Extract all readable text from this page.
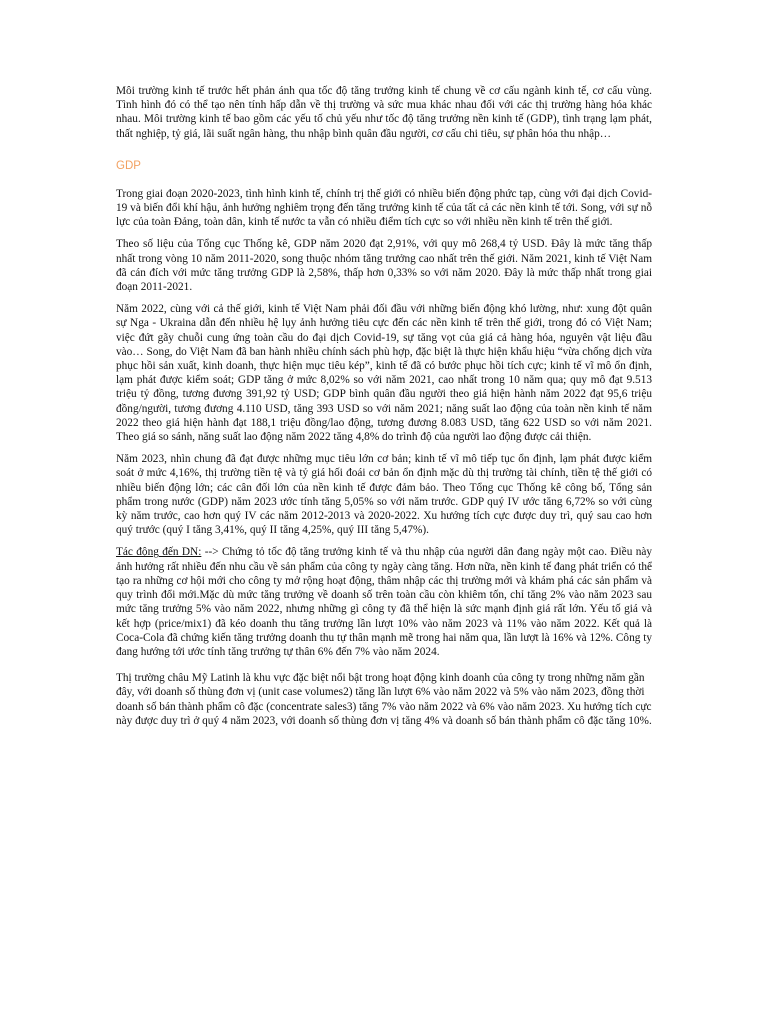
Môi trường kinh tế trước hết phản ánh qua tốc độ tăng trưởng kinh tế chung về cơ cấu ngành kinh tế, cơ cấu vùng. Tình hình đó có thể tạo nên tính hấp dẫn về thị trường và sức mua khác nhau đối với các thị trường hàng hóa khác nhau. Môi trường kinh tế bao gồm các yếu tố chủ yếu như tốc độ tăng trưởng nền kinh tế (GDP), tình trạng lạm phát, thất nghiệp, tỷ giá, lãi suất ngân hàng, thu nhập bình quân đầu người, cơ cấu chi tiêu, sự phân hóa thu nhập…

GDP

Trong giai đoạn 2020-2023, tình hình kinh tế, chính trị thế giới có nhiều biến động phức tạp, cùng với đại dịch Covid-19 và biến đổi khí hậu, ảnh hưởng nghiêm trọng đến tăng trưởng kinh tế của tất cả các nền kinh tế tới. Song, với sự nỗ lực của toàn Đảng, toàn dân, kinh tế nước ta vẫn có nhiều điểm tích cực so với nhiều nền kinh tế trên thế giới.

Theo số liệu của Tổng cục Thống kê, GDP năm 2020 đạt 2,91%, với quy mô 268,4 tỷ USD. Đây là mức tăng thấp nhất trong vòng 10 năm 2011-2020, song thuộc nhóm tăng trưởng cao nhất trên thế giới. Năm 2021, kinh tế Việt Nam đã cán đích với mức tăng trưởng GDP là 2,58%, thấp hơn 0,33% so với năm 2020. Đây là mức thấp nhất trong giai đoạn 2011-2021.

Năm 2022, cùng với cả thế giới, kinh tế Việt Nam phải đối đầu với những biến động khó lường, như: xung đột quân sự Nga - Ukraina dẫn đến nhiều hệ lụy ảnh hưởng tiêu cực đến các nền kinh tế trên thế giới, trong đó có Việt Nam; việc đứt gãy chuỗi cung ứng toàn cầu do đại dịch Covid-19, sự tăng vọt của giá cả hàng hóa, nguyên vật liệu đầu vào… Song, do Việt Nam đã ban hành nhiều chính sách phù hợp, đặc biệt là thực hiện khẩu hiệu “vừa chống dịch vừa phục hồi sản xuất, kinh doanh, thực hiện mục tiêu kép”, kinh tế đã có bước phục hồi tích cực; kinh tế vĩ mô ổn định, lạm phát được kiểm soát; GDP tăng ở mức 8,02% so với năm 2021, cao nhất trong 10 năm qua; quy mô đạt 9.513 triệu tỷ đồng, tương đương 391,92 tỷ USD; GDP bình quân đầu người theo giá hiện hành năm 2022 đạt 95,6 triệu đồng/người, tương đương 4.110 USD, tăng 393 USD so với năm 2021; năng suất lao động của toàn nền kinh tế năm 2022 theo giá hiện hành đạt 188,1 triệu đồng/lao động, tương đương 8.083 USD, tăng 622 USD so với năm 2021. Theo giá so sánh, năng suất lao động năm 2022 tăng 4,8% do trình độ của người lao động được cải thiện.

Năm 2023, nhìn chung đã đạt được những mục tiêu lớn cơ bản; kinh tế vĩ mô tiếp tục ổn định, lạm phát được kiểm soát ở mức 4,16%, thị trường tiền tệ và tỷ giá hối đoái cơ bản ổn định mặc dù thị trường tài chính, tiền tệ thế giới có nhiều biến động lớn; các cân đối lớn của nền kinh tế được đảm bảo. Theo Tổng cục Thống kê công bố, Tổng sản phẩm trong nước (GDP) năm 2023 ước tính tăng 5,05% so với năm trước. GDP quý IV ước tăng 6,72% so với cùng kỳ năm trước, cao hơn quý IV các năm 2012-2013 và 2020-2022. Xu hướng tích cực được duy trì, quý sau cao hơn quý trước (quý I tăng 3,41%, quý II tăng 4,25%, quý III tăng 5,47%).

Tác động đến DN: --> Chứng tỏ tốc độ tăng trưởng kinh tế và thu nhập của người dân đang ngày một cao. Điều này ảnh hưởng rất nhiều đến nhu cầu về sản phẩm của công ty ngày càng tăng. Hơn nữa, nền kinh tế đang phát triển có thể tạo ra những cơ hội mới cho công ty mở rộng hoạt động, thâm nhập các thị trường mới và khám phá các sản phẩm và quy trình đổi mới.Mặc dù mức tăng trưởng về doanh số trên toàn cầu còn khiêm tốn, chỉ tăng 2% vào năm 2023 sau mức tăng trưởng 5% vào năm 2022, nhưng những gì công ty đã thể hiện là sức mạnh định giá rất lớn. Yếu tố giá và kết hợp (price/mix1) đã kéo doanh thu tăng trưởng lần lượt 10% vào năm 2023 và 11% vào năm 2022. Kết quả là Coca-Cola đã chứng kiến tăng trưởng doanh thu tự thân mạnh mẽ trong hai năm qua, lần lượt là 16% và 12%. Công ty đang hướng tới ước tính tăng trưởng tự thân 6% đến 7% vào năm 2024.

Thị trường châu Mỹ Latinh là khu vực đặc biệt nổi bật trong hoạt động kinh doanh của công ty trong những năm gần đây, với doanh số thùng đơn vị (unit case volumes2) tăng lần lượt 6% vào năm 2022 và 5% vào năm 2023, đồng thời doanh số bán thành phẩm cô đặc (concentrate sales3) tăng 7% vào năm 2022 và 6% vào năm 2023. Xu hướng tích cực này được duy trì ở quý 4 năm 2023, với doanh số thùng đơn vị tăng 4% và doanh số bán thành phẩm cô đặc tăng 10%.
